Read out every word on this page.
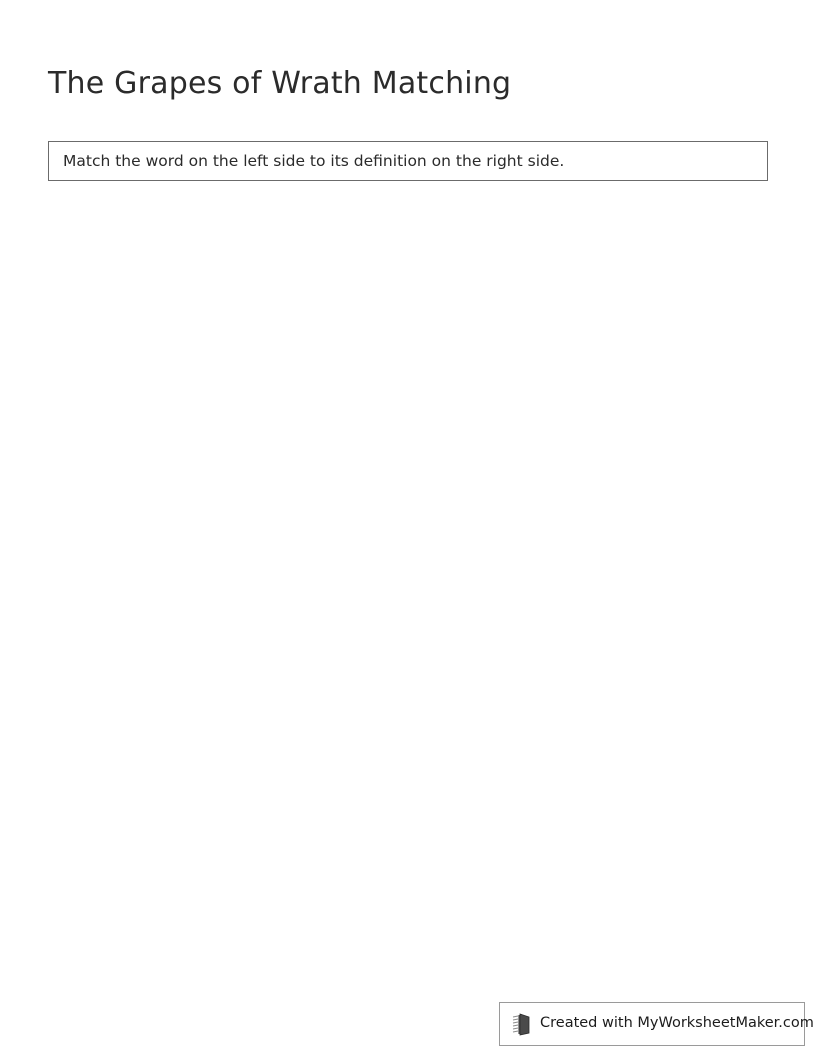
The Grapes of Wrath Matching
Match the word on the left side to its definition on the right side.
Created with MyWorksheetMaker.com
